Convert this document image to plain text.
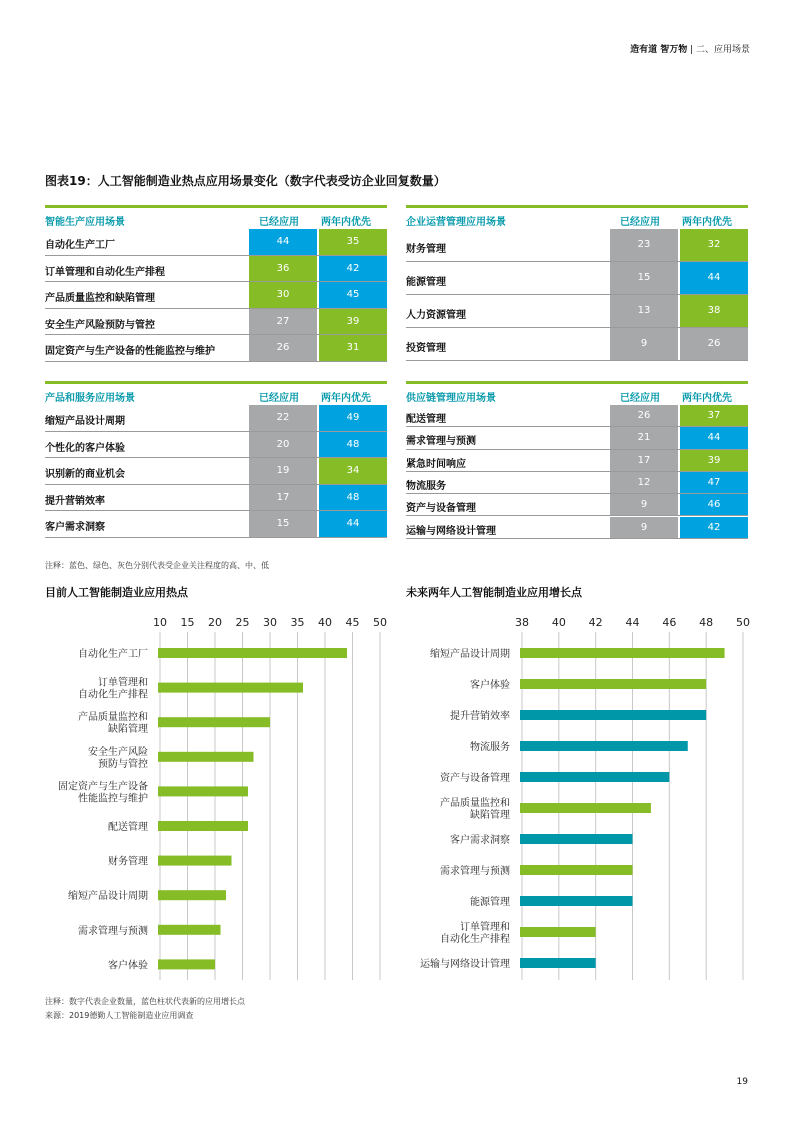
造有道 智万物 | 二、应用场景
图表19：人工智能制造业热点应用场景变化（数字代表受访企业回复数量）
智能生产应用场景	已经应用 两年内优先
自动化生产工厂	44	35
订单管理和自动化生产排程	36	42
产品质量监控和缺陷管理	30	45
安全生产风险预防与管控	27	39
固定资产与生产设备的性能监控与维护	26	31
企业运营管理应用场景	已经应用 两年内优先
财务管理	23	32
能源管理	15	44
人力资源管理	13	38
投资管理	9	26
产品和服务应用场景	已经应用 两年内优先
缩短产品设计周期	22	49
个性化的客户体验	20	48
识别新的商业机会	19	34
提升营销效率	17	48
客户需求洞察	15	44
供应链管理应用场景	已经应用 两年内优先
配送管理	26	37
需求管理与预测	21	44
紧急时间响应	17	39
物流服务	12	47
资产与设备管理	9	46
运输与网络设计管理	9	42
注释：蓝色、绿色、灰色分别代表受企业关注程度的高、中、低
目前人工智能制造业应用热点	未来两年人工智能制造业应用增长点
10 15 20 25 30 35 40 45 50
自动化生产工厂
订单管理和
自动化生产排程
产品质量监控和
缺陷管理
安全生产风险
预防与管控
固定资产与生产设备
性能监控与维护
配送管理
财务管理
缩短产品设计周期
需求管理与预测
客户体验
38 40 42 44 46 48 50
缩短产品设计周期
客户体验
提升营销效率
物流服务
资产与设备管理
产品质量监控和
缺陷管理
客户需求洞察
需求管理与预测
能源管理
订单管理和
自动化生产排程
运输与网络设计管理
注释：数字代表企业数量，蓝色柱状代表新的应用增长点
来源：2019德勤人工智能制造业应用调查
19
